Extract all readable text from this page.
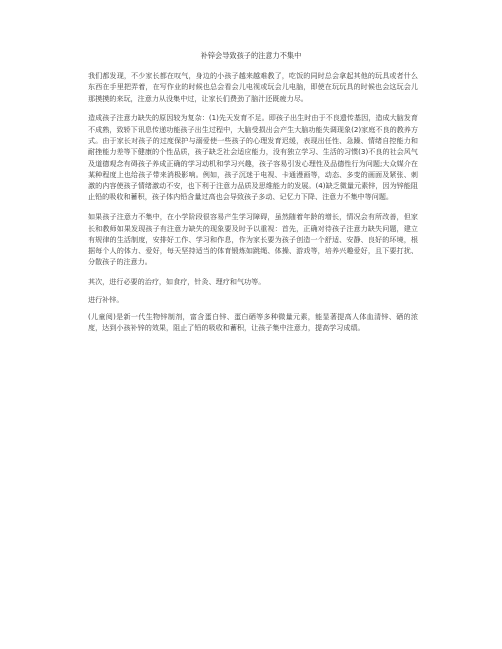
补锌会导致孩子的注意力不集中

我们都发现，不少家长都在叹气，身边的小孩子越来越难教了，吃饭的同时总会拿起其他的玩具或者什么东西在手里把弄着，在写作业的时候也总会看会儿电视或玩会儿电脑，即使在玩玩具的时候也会这玩会儿那摸摸的来玩，注意力从没集中过，让家长们费劲了脑汁还既疲力尽。

造成孩子注意力缺失的原因较为复杂：(1)先天发育不足。即孩子出生时由于不良遗传基因，造成大脑发育不成熟，致轿下讯息传递功能孩子出生过程中，大脑受损出会产生大脑功能失调现象(2)家庭不良的教养方式。由于家长对孩子的过度保护与溺爱使一些孩子的心理发育迟缓，表现出任性、急躁、情绪自控能力和耐挫能力差等下健康的个性品质，孩子缺乏社会适应能力，没有独立学习、生活的习惯(3)不良的社会风气及道德观念有碍孩子养成正确的学习动机和学习兴趣，孩子容易引发心理性及品德性行为问题;大众媒介在某种程度上也给孩子带来消极影响。例如，孩子沉迷于电视、卡通漫画等，动态、多变的画面及紧张、刺激的内容使孩子情绪激动不安，也下利于注意力品质及思维能力的发展。(4)缺乏微量元素锌，因为锌能阻止铅的吸收和蓄积，孩子体内铅含量过高也会导致孩子多动、记忆力下降、注意力不集中等问题。

如果孩子注意力不集中，在小学阶段很容易产生学习障碍，虽然随着年龄的增长，情况会有所改善，但家长和教师如果发现孩子有注意力缺失的现象要及时予以重视：首先，正确对待孩子注意力缺失问题，建立有规律的生活制度，安排好工作、学习和作息，作为家长要为孩子创造一个舒适、安静、良好的环境，根据每个人的体力、爱好，每天坚持适当的体育锻炼如跳绳、体操、游戏等，培养兴趣爱好，且下要打扰、分散孩子的注意力。

其次，进行必要的治疗，如食疗，针灸、理疗和气功等。

进行补锌。

(儿童阅)是新一代生物锌制剂，富含蛋白锌、蛋白硒等多种微量元素，能显著提高人体血清锌、硒的浓度，达到小孩补锌的效果，阻止了铅的吸收和蓄积，让孩子集中注意力，提高学习成绩。
